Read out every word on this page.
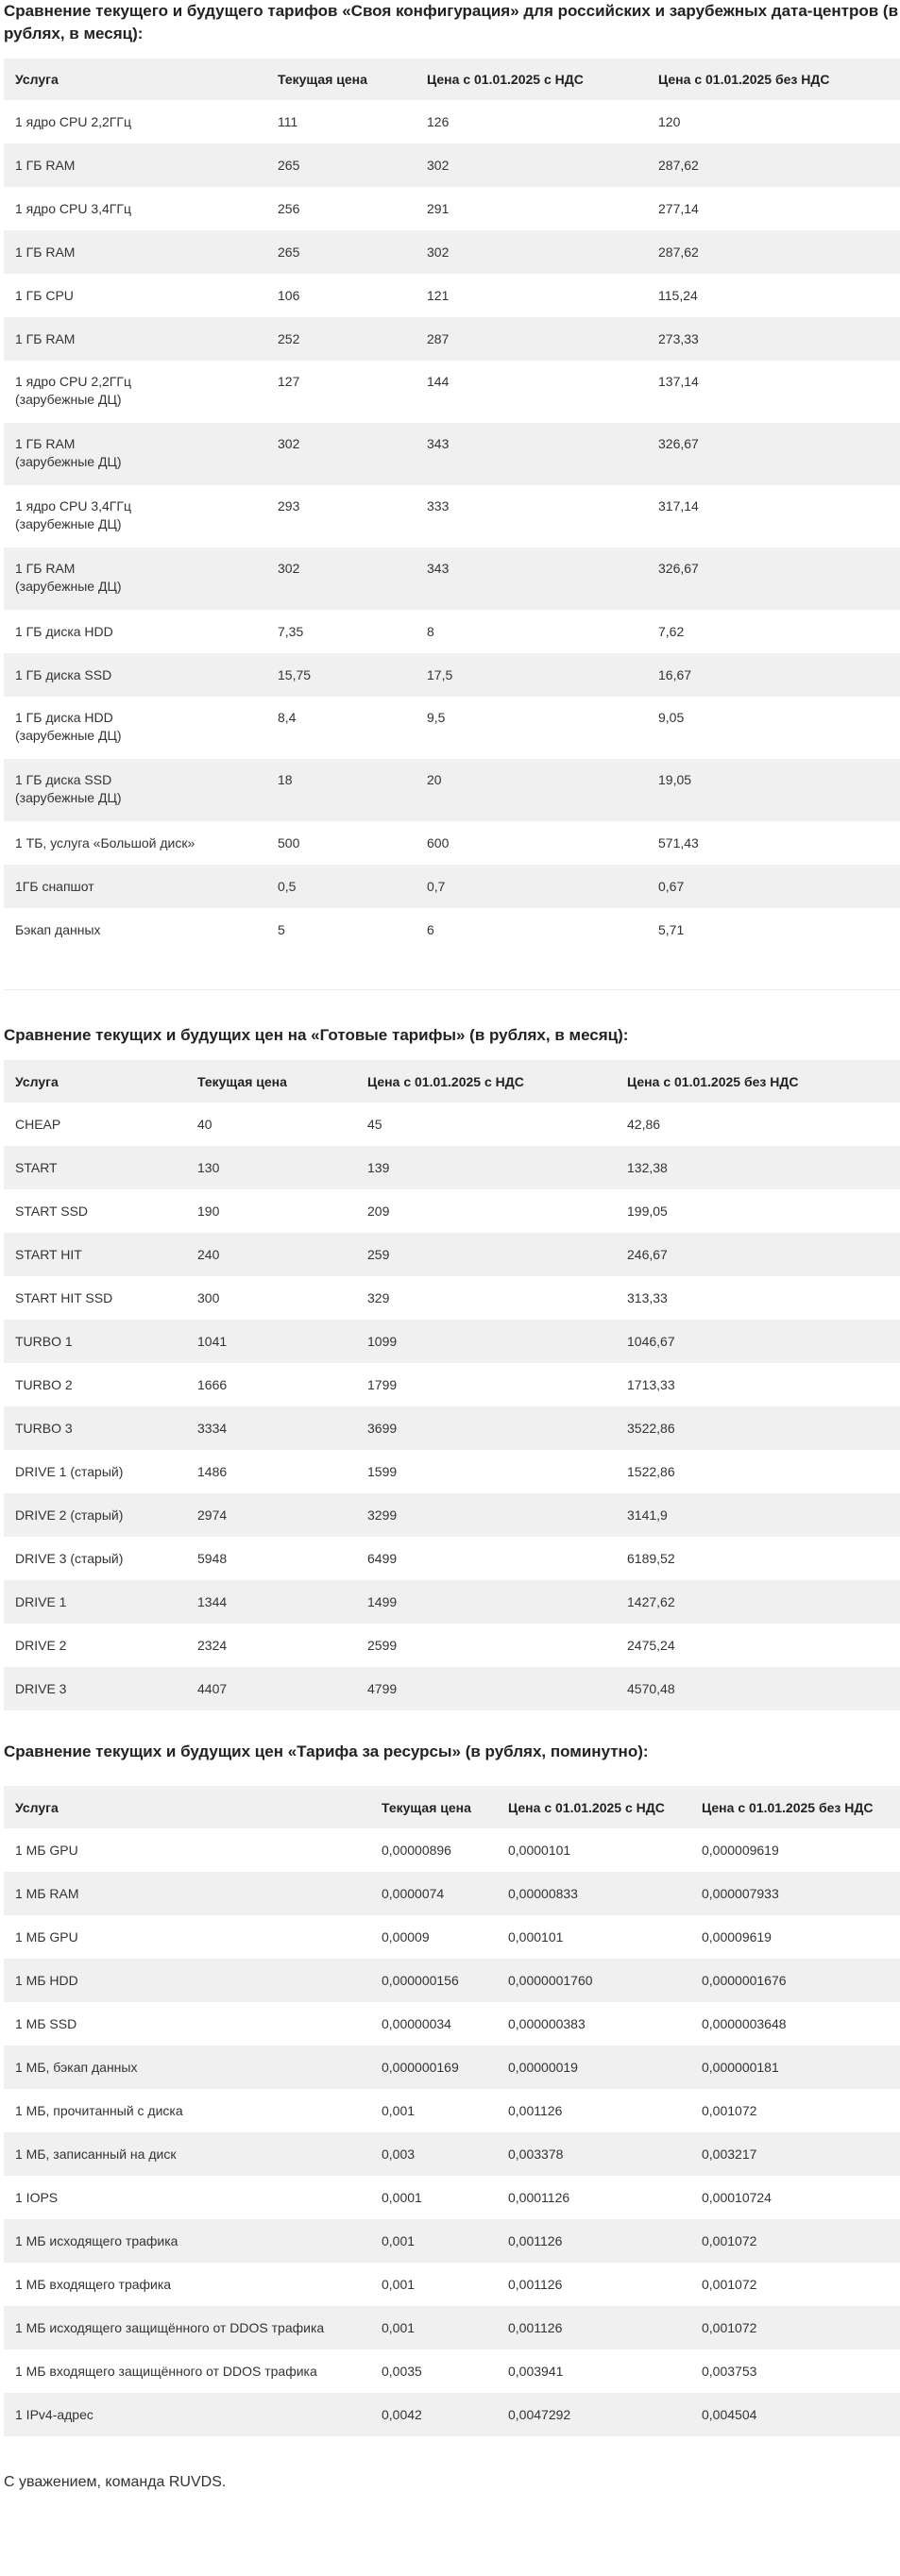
Сравнение текущего и будущего тарифов «Своя конфигурация» для российских и зарубежных дата-центров (в рублях, в месяц):
Услуга	Текущая цена	Цена с 01.01.2025 с НДС	Цена с 01.01.2025 без НДС
1 ядро CPU 2,2ГГц	111	126	120
1 ГБ RAM	265	302	287,62
1 ядро CPU 3,4ГГц	256	291	277,14
1 ГБ RAM	265	302	287,62
1 ГБ CPU	106	121	115,24
1 ГБ RAM	252	287	273,33
1 ядро CPU 2,2ГГц
(зарубежные ДЦ)	127	144	137,14
1 ГБ RAM
(зарубежные ДЦ)	302	343	326,67
1 ядро CPU 3,4ГГц
(зарубежные ДЦ)	293	333	317,14
1 ГБ RAM
(зарубежные ДЦ)	302	343	326,67
1 ГБ диска HDD	7,35	8	7,62
1 ГБ диска SSD	15,75	17,5	16,67
1 ГБ диска HDD
(зарубежные ДЦ)	8,4	9,5	9,05
1 ГБ диска SSD
(зарубежные ДЦ)	18	20	19,05
1 ТБ, услуга «Большой диск»	500	600	571,43
1ГБ снапшот	0,5	0,7	0,67
Бэкап данных	5	6	5,71
Сравнение текущих и будущих цен на «Готовые тарифы» (в рублях, в месяц):
Услуга	Текущая цена	Цена с 01.01.2025 с НДС	Цена с 01.01.2025 без НДС
CHEAP	40	45	42,86
START	130	139	132,38
START SSD	190	209	199,05
START HIT	240	259	246,67
START HIT SSD	300	329	313,33
TURBO 1	1041	1099	1046,67
TURBO 2	1666	1799	1713,33
TURBO 3	3334	3699	3522,86
DRIVE 1 (старый)	1486	1599	1522,86
DRIVE 2 (старый)	2974	3299	3141,9
DRIVE 3 (старый)	5948	6499	6189,52
DRIVE 1	1344	1499	1427,62
DRIVE 2	2324	2599	2475,24
DRIVE 3	4407	4799	4570,48
Сравнение текущих и будущих цен «Тарифа за ресурсы» (в рублях, поминутно):
Услуга	Текущая цена	Цена с 01.01.2025 с НДС	Цена с 01.01.2025 без НДС
1 МБ GPU	0,00000896	0,0000101	0,000009619
1 МБ RAM	0,0000074	0,00000833	0,000007933
1 МБ GPU	0,00009	0,000101	0,00009619
1 МБ HDD	0,000000156	0,0000001760	0,0000001676
1 МБ SSD	0,00000034	0,000000383	0,0000003648
1 МБ, бэкап данных	0,000000169	0,00000019	0,000000181
1 МБ, прочитанный с диска	0,001	0,001126	0,001072
1 МБ, записанный на диск	0,003	0,003378	0,003217
1 IOPS	0,0001	0,0001126	0,00010724
1 МБ исходящего трафика	0,001	0,001126	0,001072
1 МБ входящего трафика	0,001	0,001126	0,001072
1 МБ исходящего защищённого от DDOS трафика	0,001	0,001126	0,001072
1 МБ входящего защищённого от DDOS трафика	0,0035	0,003941	0,003753
1 IPv4-адрес	0,0042	0,0047292	0,004504

С уважением, команда RUVDS.
